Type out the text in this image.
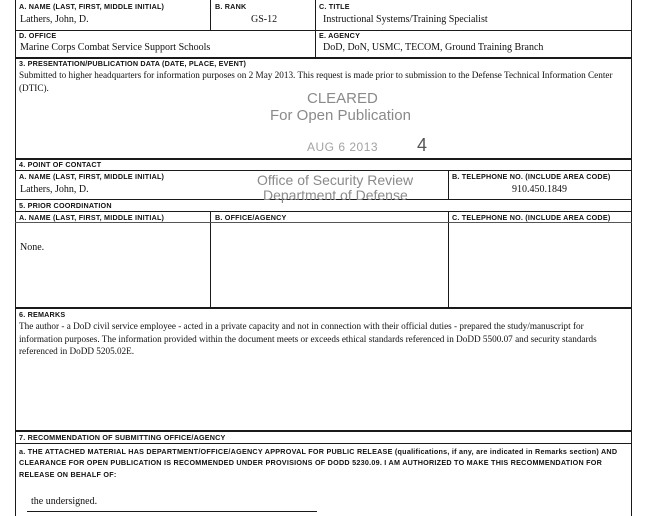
A. NAME (LAST, FIRST, MIDDLE INITIAL)
Lathers, John, D.
B. RANK
GS-12
C. TITLE
Instructional Systems/Training Specialist
D. OFFICE
Marine Corps Combat Service Support Schools
E. AGENCY
DoD, DoN, USMC, TECOM, Ground Training Branch
3. PRESENTATION/PUBLICATION DATA (DATE, PLACE, EVENT)
Submitted to higher headquarters for information purposes on 2 May 2013. This request is made prior to submission to the Defense Technical Information Center (DTIC).
CLEARED
For Open Publication
AUG 6 2013 4
Office of Security Review
Department of Defense
4. POINT OF CONTACT
A. NAME (LAST, FIRST, MIDDLE INITIAL)
Lathers, John, D.
B. TELEPHONE NO. (INCLUDE AREA CODE)
910.450.1849
5. PRIOR COORDINATION
A. NAME (LAST, FIRST, MIDDLE INITIAL)	B. OFFICE/AGENCY	C. TELEPHONE NO. (INCLUDE AREA CODE)
None.
6. REMARKS
The author - a DoD civil service employee - acted in a private capacity and not in connection with their official duties - prepared the study/manuscript for information purposes. The information provided within the document meets or exceeds ethical standards referenced in DoDD 5500.07 and security standards referenced in DoDD 5205.02E.
7. RECOMMENDATION OF SUBMITTING OFFICE/AGENCY
a. THE ATTACHED MATERIAL HAS DEPARTMENT/OFFICE/AGENCY APPROVAL FOR PUBLIC RELEASE (qualifications, if any, are indicated in Remarks section) AND CLEARANCE FOR OPEN PUBLICATION IS RECOMMENDED UNDER PROVISIONS OF DODD 5230.09. I AM AUTHORIZED TO MAKE THIS RECOMMENDATION FOR RELEASE ON BEHALF OF:
the undersigned.
